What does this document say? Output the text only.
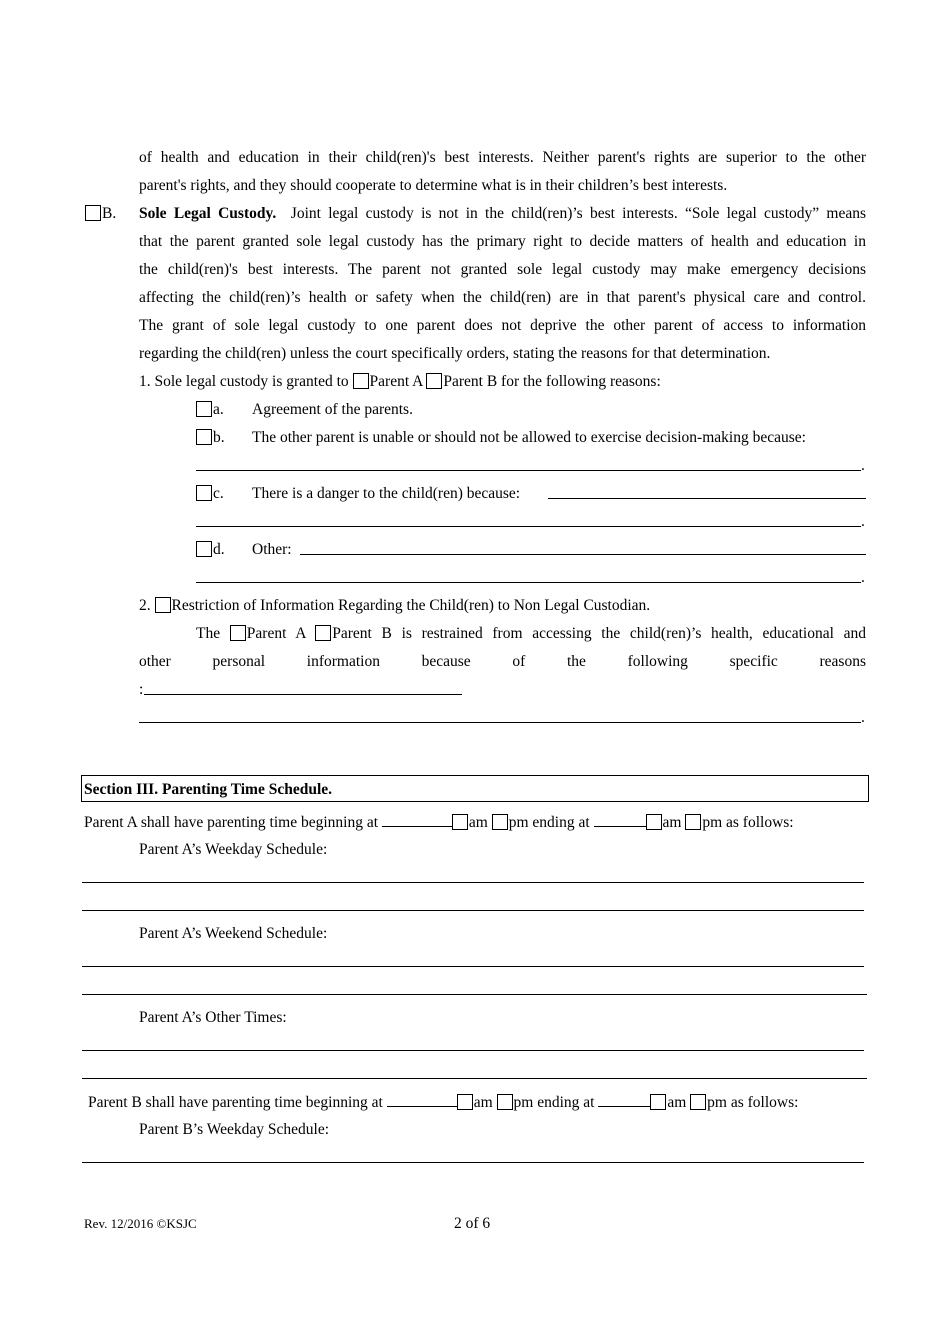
of health and education in their child(ren)'s best interests. Neither parent's rights are superior to the other
parent's rights, and they should cooperate to determine what is in their children’s best interests.
B. Sole Legal Custody. Joint legal custody is not in the child(ren)’s best interests. “Sole legal custody” means
that the parent granted sole legal custody has the primary right to decide matters of health and education in
the child(ren)'s best interests. The parent not granted sole legal custody may make emergency decisions
affecting the child(ren)’s health or safety when the child(ren) are in that parent's physical care and control.
The grant of sole legal custody to one parent does not deprive the other parent of access to information
regarding the child(ren) unless the court specifically orders, stating the reasons for that determination.
1. Sole legal custody is granted to Parent A Parent B for the following reasons:
a. Agreement of the parents.
b. The other parent is unable or should not be allowed to exercise decision-making because:
.
c. There is a danger to the child(ren) because:
.
d. Other:
.
2. Restriction of Information Regarding the Child(ren) to Non Legal Custodian.
The Parent A Parent B is restrained from accessing the child(ren)’s health, educational and
other personal information because of the following specific reasons
:
.
Section III. Parenting Time Schedule.
Parent A shall have parenting time beginning at	am pm ending at	am pm as follows:
Parent A’s Weekday Schedule:
Parent A’s Weekend Schedule:
Parent A’s Other Times:
Parent B shall have parenting time beginning at	am pm ending at	am pm as follows:
Parent B’s Weekday Schedule:
Rev. 12/2016 ©KSJC	2 of 6
